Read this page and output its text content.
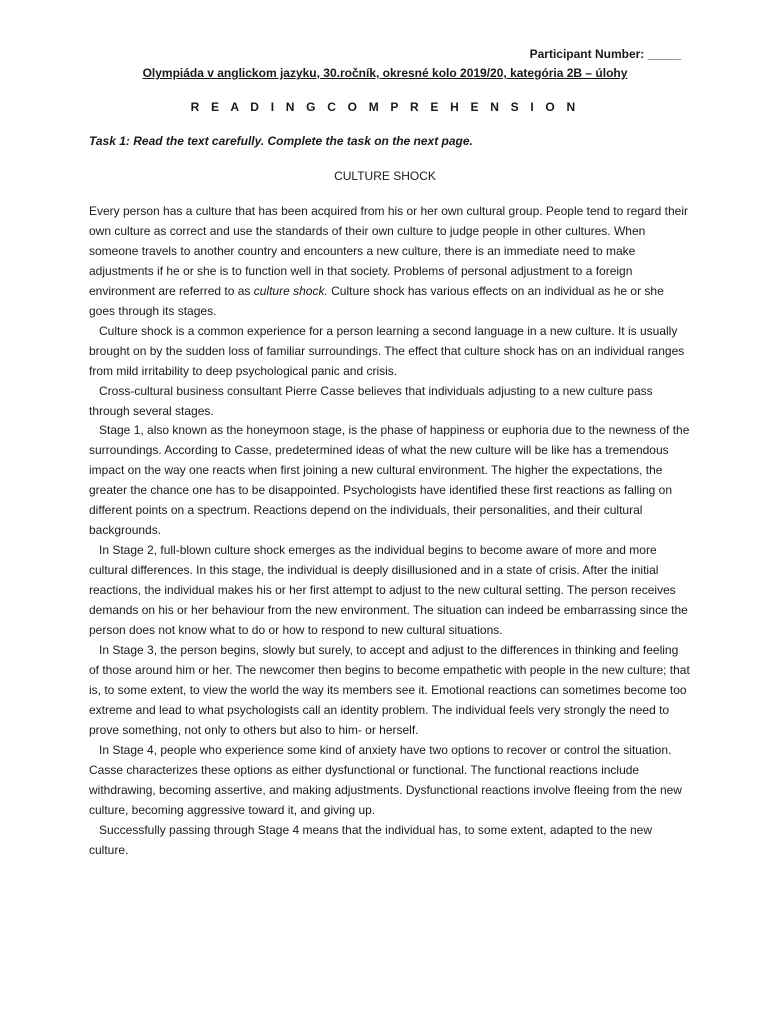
Participant Number: _____
Olympiáda v anglickom jazyku, 30.ročník, okresné kolo 2019/20, kategória 2B – úlohy
R E A D I N G C O M P R E H E N S I O N
Task 1: Read the text carefully. Complete the task on the next page.
CULTURE SHOCK

Every person has a culture that has been acquired from his or her own cultural group. People tend to regard their own culture as correct and use the standards of their own culture to judge people in other cultures. When someone travels to another country and encounters a new culture, there is an immediate need to make adjustments if he or she is to function well in that society. Problems of personal adjustment to a foreign environment are referred to as culture shock. Culture shock has various effects on an individual as he or she goes through its stages.

Culture shock is a common experience for a person learning a second language in a new culture. It is usually brought on by the sudden loss of familiar surroundings. The effect that culture shock has on an individual ranges from mild irritability to deep psychological panic and crisis.

Cross-cultural business consultant Pierre Casse believes that individuals adjusting to a new culture pass through several stages.

Stage 1, also known as the honeymoon stage, is the phase of happiness or euphoria due to the newness of the surroundings. According to Casse, predetermined ideas of what the new culture will be like has a tremendous impact on the way one reacts when first joining a new cultural environment. The higher the expectations, the greater the chance one has to be disappointed. Psychologists have identified these first reactions as falling on different points on a spectrum. Reactions depend on the individuals, their personalities, and their cultural backgrounds.

In Stage 2, full-blown culture shock emerges as the individual begins to become aware of more and more cultural differences. In this stage, the individual is deeply disillusioned and in a state of crisis. After the initial reactions, the individual makes his or her first attempt to adjust to the new cultural setting. The person receives demands on his or her behaviour from the new environment. The situation can indeed be embarrassing since the person does not know what to do or how to respond to new cultural situations.

In Stage 3, the person begins, slowly but surely, to accept and adjust to the differences in thinking and feeling of those around him or her. The newcomer then begins to become empathetic with people in the new culture; that is, to some extent, to view the world the way its members see it. Emotional reactions can sometimes become too extreme and lead to what psychologists call an identity problem. The individual feels very strongly the need to prove something, not only to others but also to him- or herself.

In Stage 4, people who experience some kind of anxiety have two options to recover or control the situation. Casse characterizes these options as either dysfunctional or functional. The functional reactions include withdrawing, becoming assertive, and making adjustments. Dysfunctional reactions involve fleeing from the new culture, becoming aggressive toward it, and giving up.

Successfully passing through Stage 4 means that the individual has, to some extent, adapted to the new culture.
